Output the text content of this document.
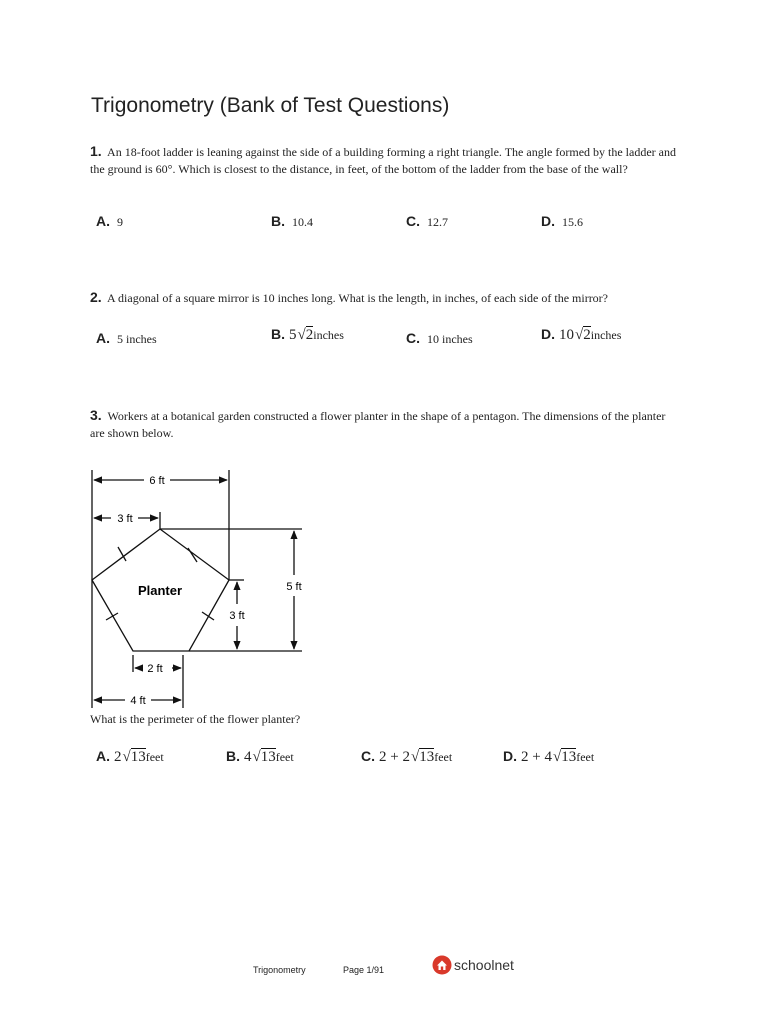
Trigonometry (Bank of Test Questions)
1. An 18-foot ladder is leaning against the side of a building forming a right triangle. The angle formed by the ladder and the ground is 60°. Which is closest to the distance, in feet, of the bottom of the ladder from the base of the wall?
A. 9	B. 10.4	C. 12.7	D. 15.6
2. A diagonal of a square mirror is 10 inches long. What is the length, in inches, of each side of the mirror?
A. 5 inches	B. 5√2inches	C. 10 inches	D. 10√2inches
3. Workers at a botanical garden constructed a flower planter in the shape of a pentagon. The dimensions of the planter are shown below.
6 ft
3 ft
5 ft
3 ft
2 ft
4 ft
Planter
What is the perimeter of the flower planter?
A. 2√13feet	B. 4√13feet	C. 2 + 2√13feet	D. 2 + 4√13feet
Trigonometry	Page 1/91	schoolnet
